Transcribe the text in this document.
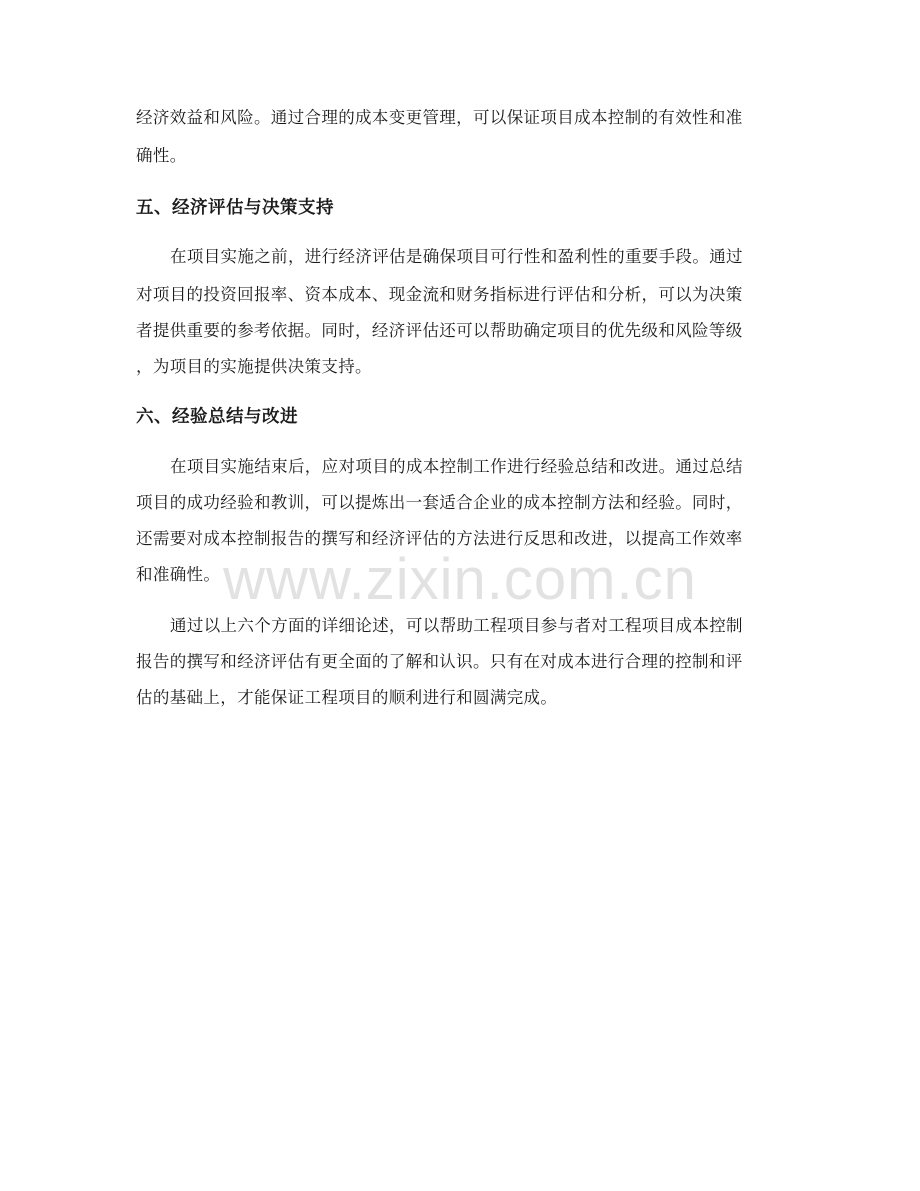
经济效益和风险。通过合理的成本变更管理，可以保证项目成本控制的有效性和准
确性。
五、经济评估与决策支持
在项目实施之前，进行经济评估是确保项目可行性和盈利性的重要手段。通过
对项目的投资回报率、资本成本、现金流和财务指标进行评估和分析，可以为决策
者提供重要的参考依据。同时，经济评估还可以帮助确定项目的优先级和风险等级
，为项目的实施提供决策支持。
六、经验总结与改进
在项目实施结束后，应对项目的成本控制工作进行经验总结和改进。通过总结
项目的成功经验和教训，可以提炼出一套适合企业的成本控制方法和经验。同时，
还需要对成本控制报告的撰写和经济评估的方法进行反思和改进，以提高工作效率
和准确性。
通过以上六个方面的详细论述，可以帮助工程项目参与者对工程项目成本控制
报告的撰写和经济评估有更全面的了解和认识。只有在对成本进行合理的控制和评
估的基础上，才能保证工程项目的顺利进行和圆满完成。
www.zixin.com.cn
